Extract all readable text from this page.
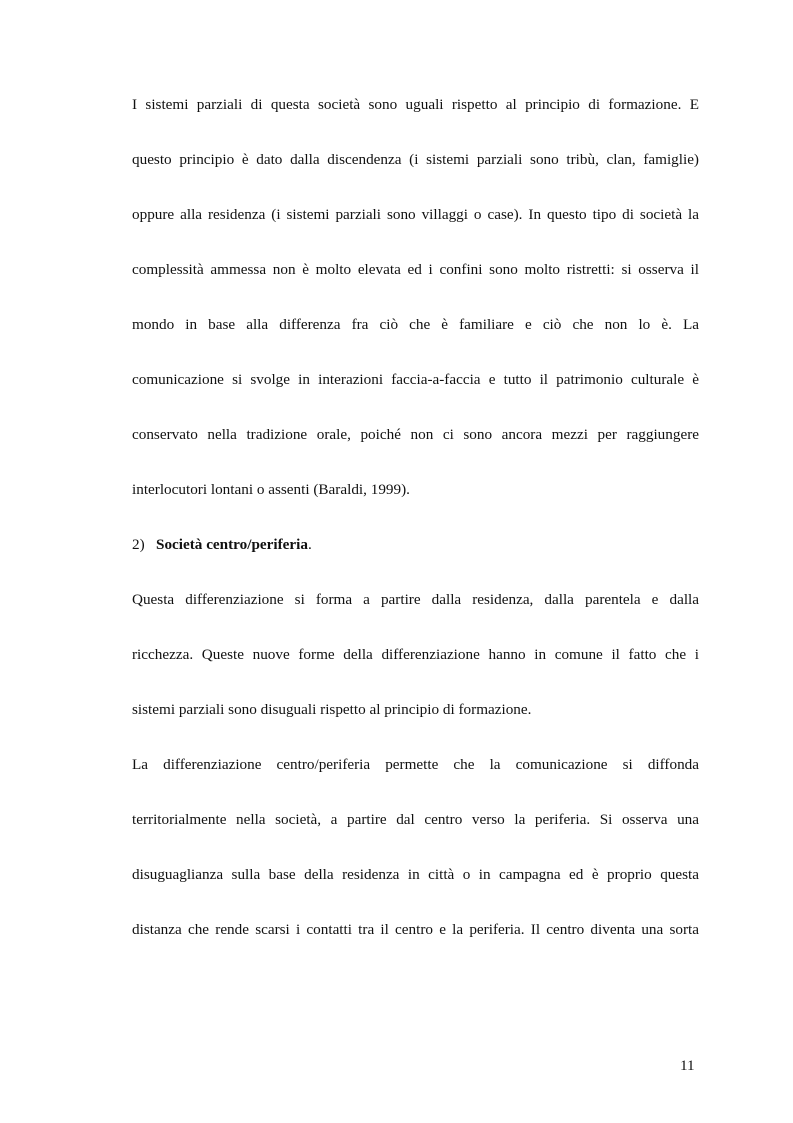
I sistemi parziali di questa società sono uguali rispetto al principio di formazione. E
questo principio è dato dalla discendenza (i sistemi parziali sono tribù, clan, famiglie)
oppure alla residenza (i sistemi parziali sono villaggi o case). In questo tipo di società la
complessità ammessa non è molto elevata ed i confini sono molto ristretti: si osserva il
mondo in base alla differenza fra ciò che è familiare e ciò che non lo è. La
comunicazione si svolge in interazioni faccia-a-faccia e tutto il patrimonio culturale è
conservato nella tradizione orale, poiché non ci sono ancora mezzi per raggiungere
interlocutori lontani o assenti (Baraldi, 1999).
2) Società centro/periferia.
Questa differenziazione si forma a partire dalla residenza, dalla parentela e dalla
ricchezza. Queste nuove forme della differenziazione hanno in comune il fatto che i
sistemi parziali sono disuguali rispetto al principio di formazione.
La differenziazione centro/periferia permette che la comunicazione si diffonda
territorialmente nella società, a partire dal centro verso la periferia. Si osserva una
disuguaglianza sulla base della residenza in città o in campagna ed è proprio questa
distanza che rende scarsi i contatti tra il centro e la periferia. Il centro diventa una sorta
11
